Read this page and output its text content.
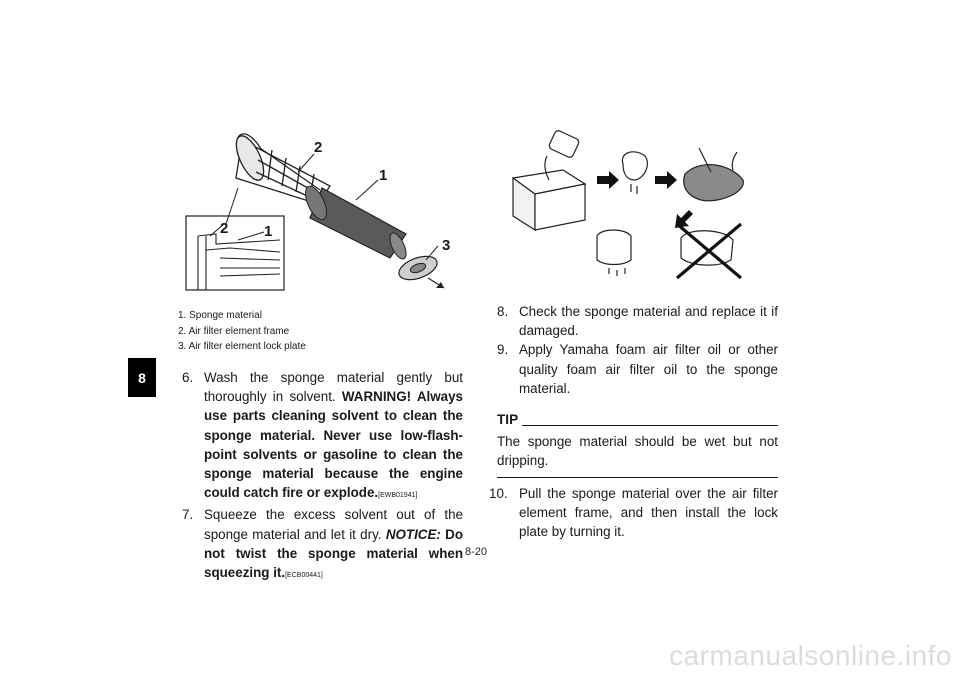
8
2
1
2 1
3
1. Sponge material
2. Air filter element frame
3. Air filter element lock plate

6. Wash the sponge material gently but thoroughly in solvent. WARNING! Always use parts cleaning solvent to clean the sponge material. Never use low-flash-point solvents or gasoline to clean the sponge material because the engine could catch fire or explode.[EWB01941]

7. Squeeze the excess solvent out of the sponge material and let it dry. NOTICE: Do not twist the sponge material when squeezing it.[ECB00441]

8. Check the sponge material and replace it if damaged.

9. Apply Yamaha foam air filter oil or other quality foam air filter oil to the sponge material.

TIP

The sponge material should be wet but not dripping.

10. Pull the sponge material over the air filter element frame, and then install the lock plate by turning it.

8-20
carmanualsonline.info
